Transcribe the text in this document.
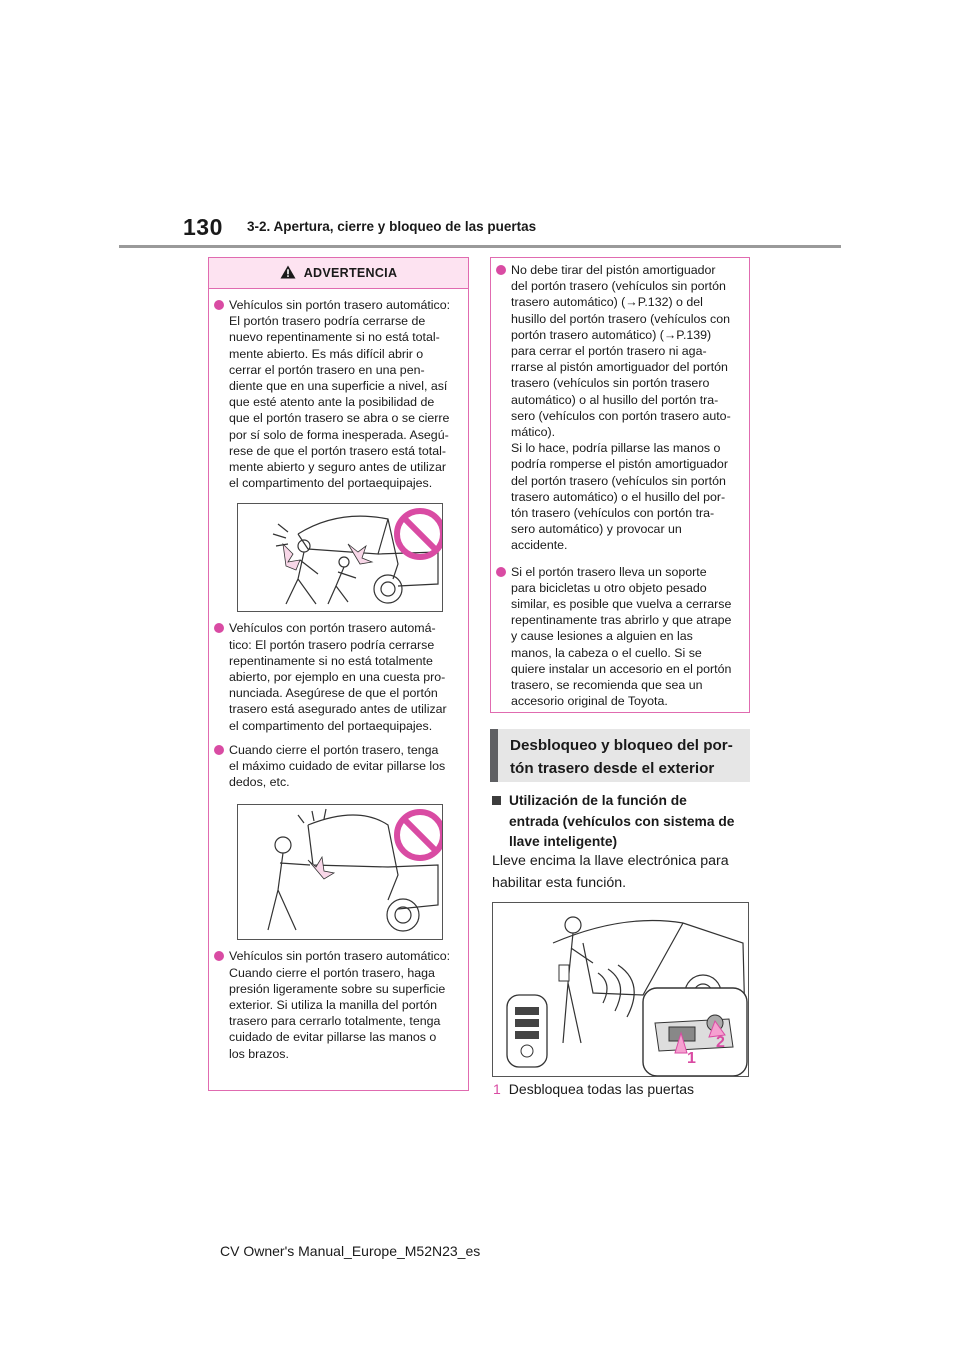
130 3-2. Apertura, cierre y bloqueo de las puertas
ADVERTENCIA

Vehículos sin portón trasero automático:
El portón trasero podría cerrarse de
nuevo repentinamente si no está total-
mente abierto. Es más difícil abrir o
cerrar el portón trasero en una pen-
diente que en una superficie a nivel, así
que esté atento ante la posibilidad de
que el portón trasero se abra o se cierre
por sí solo de forma inesperada. Asegú-
rese de que el portón trasero está total-
mente abierto y seguro antes de utilizar
el compartimento del portaequipajes.

Vehículos con portón trasero automá-
tico: El portón trasero podría cerrarse
repentinamente si no está totalmente
abierto, por ejemplo en una cuesta pro-
nunciada. Asegúrese de que el portón
trasero está asegurado antes de utilizar
el compartimento del portaequipajes.

Cuando cierre el portón trasero, tenga
el máximo cuidado de evitar pillarse los
dedos, etc.

Vehículos sin portón trasero automático:
Cuando cierre el portón trasero, haga
presión ligeramente sobre su superficie
exterior. Si utiliza la manilla del portón
trasero para cerrarlo totalmente, tenga
cuidado de evitar pillarse las manos o
los brazos.

No debe tirar del pistón amortiguador
del portón trasero (vehículos sin portón
trasero automático) (→P.132) o del
husillo del portón trasero (vehículos con
portón trasero automático) (→P.139)
para cerrar el portón trasero ni aga-
rrarse al pistón amortiguador del portón
trasero (vehículos sin portón trasero
automático) o al husillo del portón tra-
sero (vehículos con portón trasero auto-
mático).
Si lo hace, podría pillarse las manos o
podría romperse el pistón amortiguador
del portón trasero (vehículos sin portón
trasero automático) o el husillo del por-
tón trasero (vehículos con portón tra-
sero automático) y provocar un
accidente.

Si el portón trasero lleva un soporte
para bicicletas u otro objeto pesado
similar, es posible que vuelva a cerrarse
repentinamente tras abrirlo y que atrape
y cause lesiones a alguien en las
manos, la cabeza o el cuello. Si se
quiere instalar un accesorio en el portón
trasero, se recomienda que sea un
accesorio original de Toyota.

Desbloqueo y bloqueo del por-
tón trasero desde el exterior

Utilización de la función de
entrada (vehículos con sistema de
llave inteligente)

Lleve encima la llave electrónica para
habilitar esta función.

1
2
1 Desbloquea todas las puertas
CV Owner's Manual_Europe_M52N23_es
